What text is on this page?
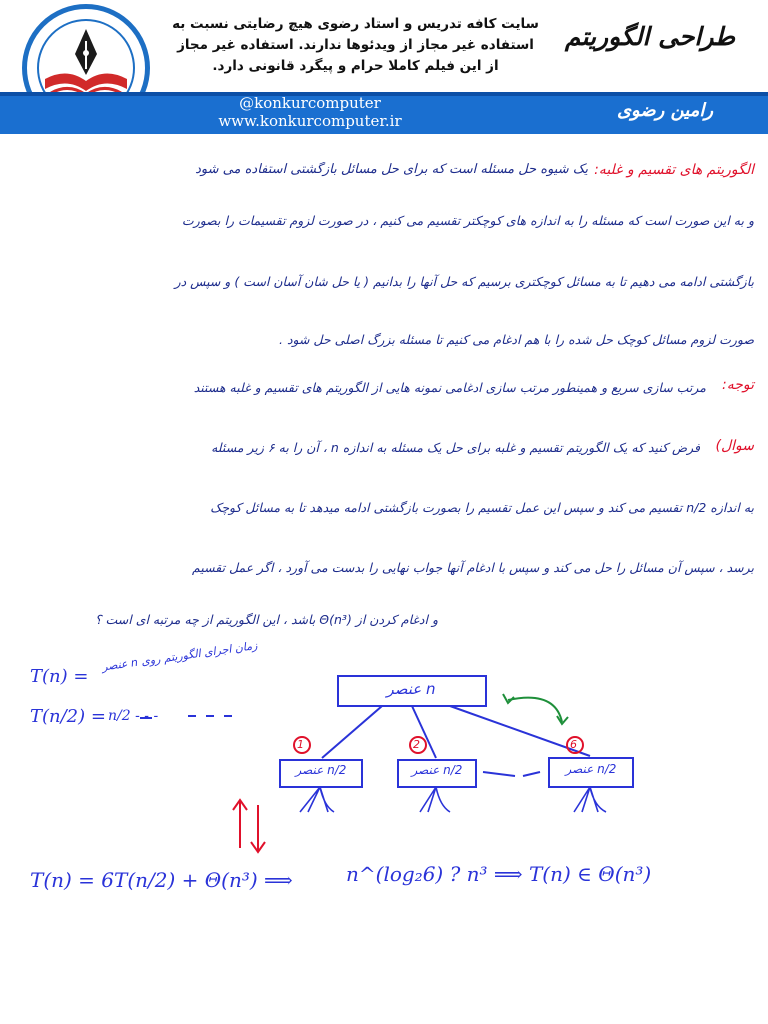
سایت کافه تدریس و استاد رضوی هیچ رضایتی نسبت به
استفاده غیر مجاز از ویدئوها ندارند. استفاده غیر مجاز
از این فیلم کاملا حرام و پیگرد قانونی دارد.
طراحی الگوریتم
@konkurcomputer
www.konkurcomputer.ir	رامین رضوی
الگوریتم های تقسیم و غلبه:
یک شیوه حل مسئله است که برای حل مسائل بازگشتی استفاده می شود
و به این صورت است که مسئله را به اندازه های کوچکتر تقسیم می کنیم ، در صورت لزوم تقسیمات را بصورت
بازگشتی ادامه می دهیم تا به مسائل کوچکتری برسیم که حل آنها را بدانیم ( یا حل شان آسان است ) و سپس در
صورت لزوم مسائل کوچک حل شده را با هم ادغام می کنیم تا مسئله بزرگ اصلی حل شود .
توجه:
مرتب سازی سریع و همینطور مرتب سازی ادغامی نمونه هایی از الگوریتم های تقسیم و غلبه هستند
سوال)
فرض کنید که یک الگوریتم تقسیم و غلبه برای حل یک مسئله به اندازه n ، آن را به ۶ زیر مسئله
به اندازه n/2 تقسیم می کند و سپس این عمل تقسیم را بصورت بازگشتی ادامه میدهد تا به مسائل کوچک
برسد ، سپس آن مسائل را حل می کند و سپس با ادغام آنها جواب نهایی را بدست می آورد ، اگر عمل تقسیم
و ادغام کردن از Θ(n³) باشد ، این الگوریتم از چه مرتبه ای است ؟
n عنصر
n/2 عنصر	n/2 عنصر	n/2 عنصر
1	2	6
T(n) =
زمان اجرای الگوریتم روی n عنصر
T(n/2) = n/2 - - -
T(n) = 6T(n/2) + Θ(n³) ⟹	n^(log₂6) ? n³ ⟹ T(n) ∈ Θ(n³)
